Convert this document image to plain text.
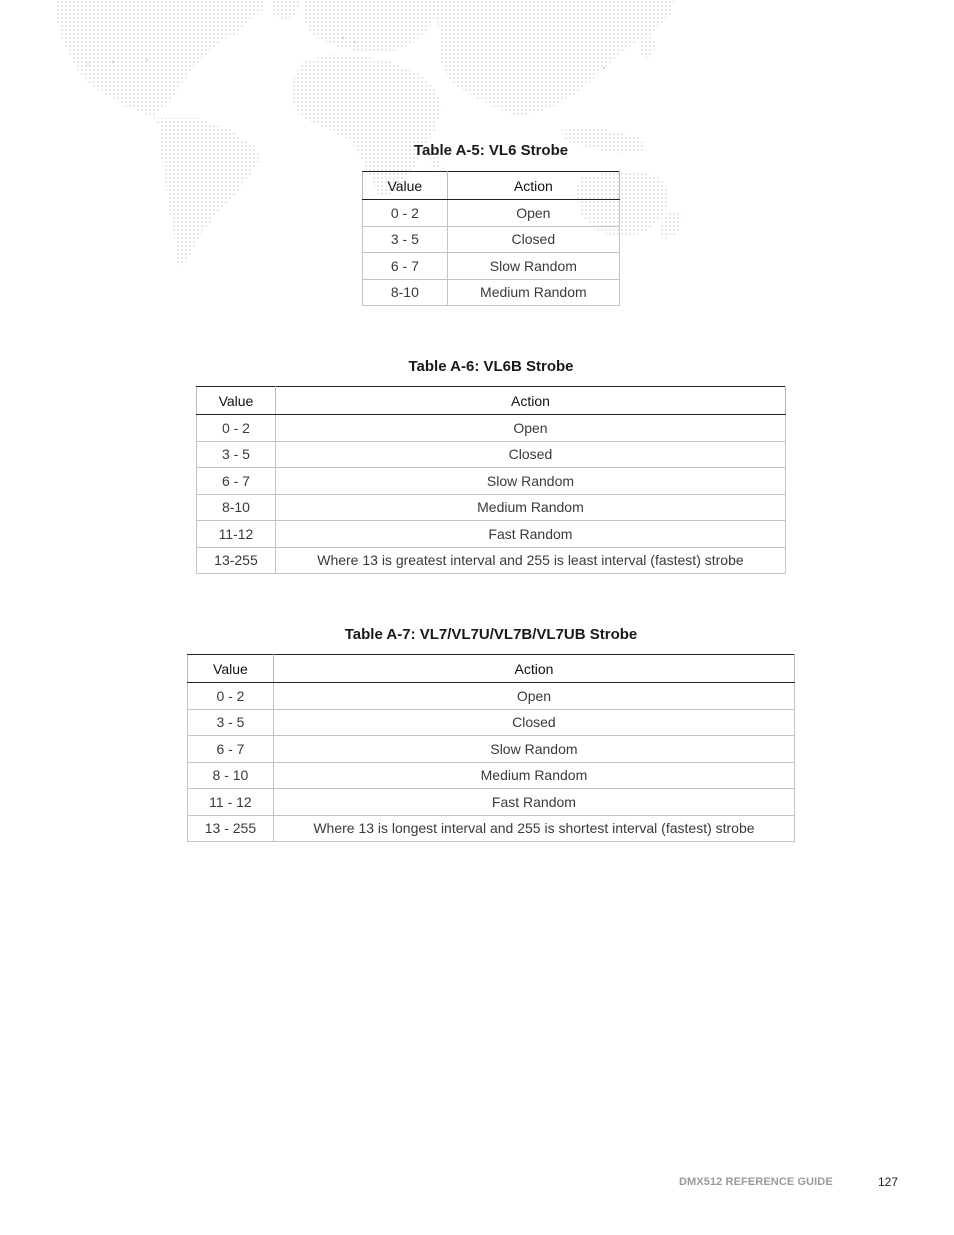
Table A-5: VL6 Strobe
Value	Action
0 - 2	Open
3 - 5	Closed
6 - 7	Slow Random
8-10	Medium Random
Table A-6: VL6B Strobe
Value	Action
0 - 2	Open
3 - 5	Closed
6 - 7	Slow Random
8-10	Medium Random
11-12	Fast Random
13-255	Where 13 is greatest interval and 255 is least interval (fastest) strobe
Table A-7: VL7/VL7U/VL7B/VL7UB Strobe
Value	Action
0 - 2	Open
3 - 5	Closed
6 - 7	Slow Random
8 - 10	Medium Random
11 - 12	Fast Random
13 - 255	Where 13 is longest interval and 255 is shortest interval (fastest) strobe
DMX512 REFERENCE GUIDE	127
